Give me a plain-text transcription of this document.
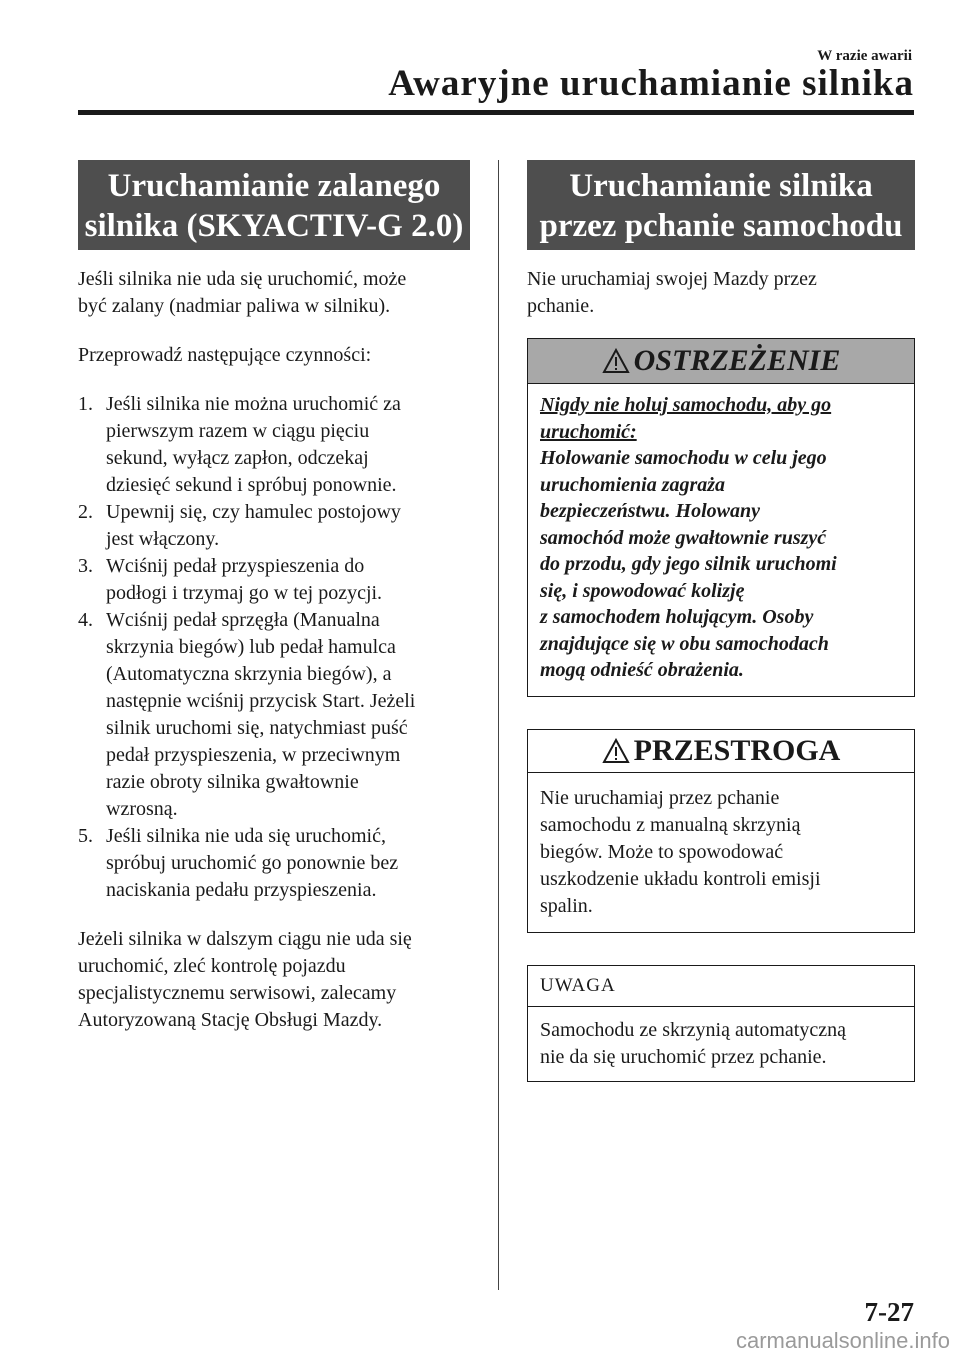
W razie awarii
Awaryjne uruchamianie silnika
Uruchamianie zalanego
silnika (SKYACTIV-G 2.0)

Jeśli silnika nie uda się uruchomić, może
być zalany (nadmiar paliwa w silniku).

Przeprowadź następujące czynności:

1. Jeśli silnika nie można uruchomić za
pierwszym razem w ciągu pięciu
sekund, wyłącz zapłon, odczekaj
dziesięć sekund i spróbuj ponownie.
2. Upewnij się, czy hamulec postojowy
jest włączony.
3. Wciśnij pedał przyspieszenia do
podłogi i trzymaj go w tej pozycji.
4. Wciśnij pedał sprzęgła (Manualna
skrzynia biegów) lub pedał hamulca
(Automatyczna skrzynia biegów), a
następnie wciśnij przycisk Start. Jeżeli
silnik uruchomi się, natychmiast puść
pedał przyspieszenia, w przeciwnym
razie obroty silnika gwałtownie
wzrosną.
5. Jeśli silnika nie uda się uruchomić,
spróbuj uruchomić go ponownie bez
naciskania pedału przyspieszenia.

Jeżeli silnika w dalszym ciągu nie uda się
uruchomić, zleć kontrolę pojazdu
specjalistycznemu serwisowi, zalecamy
Autoryzowaną Stację Obsługi Mazdy.

Uruchamianie silnika
przez pchanie samochodu

Nie uruchamiaj swojej Mazdy przez
pchanie.

OSTRZEŻENIE
Nigdy nie holuj samochodu, aby go
uruchomić:
Holowanie samochodu w celu jego
uruchomienia zagraża
bezpieczeństwu. Holowany
samochód może gwałtownie ruszyć
do przodu, gdy jego silnik uruchomi
się, i spowodować kolizję
z samochodem holującym. Osoby
znajdujące się w obu samochodach
mogą odnieść obrażenia.
PRZESTROGA
Nie uruchamiaj przez pchanie
samochodu z manualną skrzynią
biegów. Może to spowodować
uszkodzenie układu kontroli emisji
spalin.
UWAGA
Samochodu ze skrzynią automatyczną
nie da się uruchomić przez pchanie.
7-27
carmanualsonline.info
